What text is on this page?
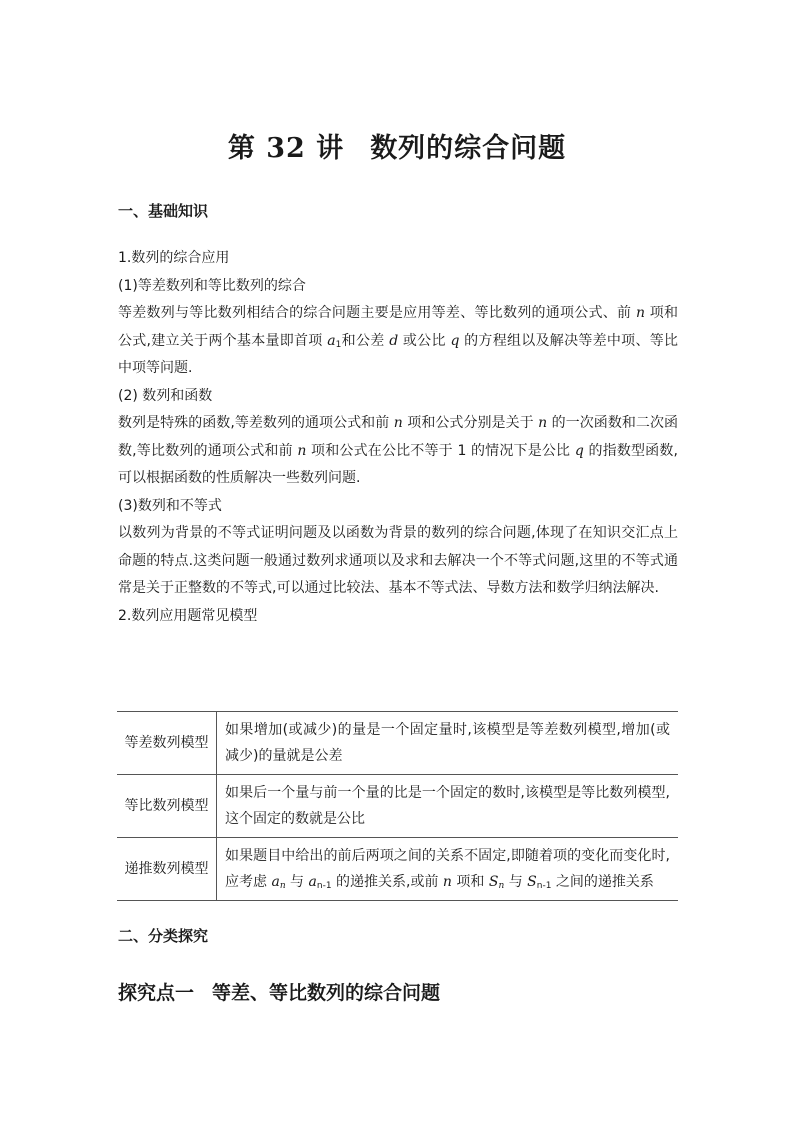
第 32 讲 数列的综合问题
一、基础知识

1.数列的综合应用

(1)等差数列和等比数列的综合

等差数列与等比数列相结合的综合问题主要是应用等差、等比数列的通项公式、前 n 项和公式,建立关于两个基本量即首项 $a_1$和公差 d 或公比 q 的方程组以及解决等差中项、等比中项等问题.

(2) 数列和函数

数列是特殊的函数,等差数列的通项公式和前 n 项和公式分别是关于 n 的一次函数和二次函数,等比数列的通项公式和前 n 项和公式在公比不等于 1 的情况下是公比 q 的指数型函数,可以根据函数的性质解决一些数列问题.

(3)数列和不等式

以数列为背景的不等式证明问题及以函数为背景的数列的综合问题,体现了在知识交汇点上命题的特点.这类问题一般通过数列求通项以及求和去解决一个不等式问题,这里的不等式通常是关于正整数的不等式,可以通过比较法、基本不等式法、导数方法和数学归纳法解决.

2.数列应用题常见模型

等差数列模型	如果增加(或减少)的量是一个固定量时,该模型是等差数列模型,增加(或减少)的量就是公差
等比数列模型	如果后一个量与前一个量的比是一个固定的数时,该模型是等比数列模型,这个固定的数就是公比
递推数列模型	如果题目中给出的前后两项之间的关系不固定,即随着项的变化而变化时,应考虑 $a_n$ 与 $a_{n-1}$ 的递推关系,或前 n 项和 $S_n$ 与 $S_{n-1}$ 之间的递推关系
二、分类探究
探究点一 等差、等比数列的综合问题
